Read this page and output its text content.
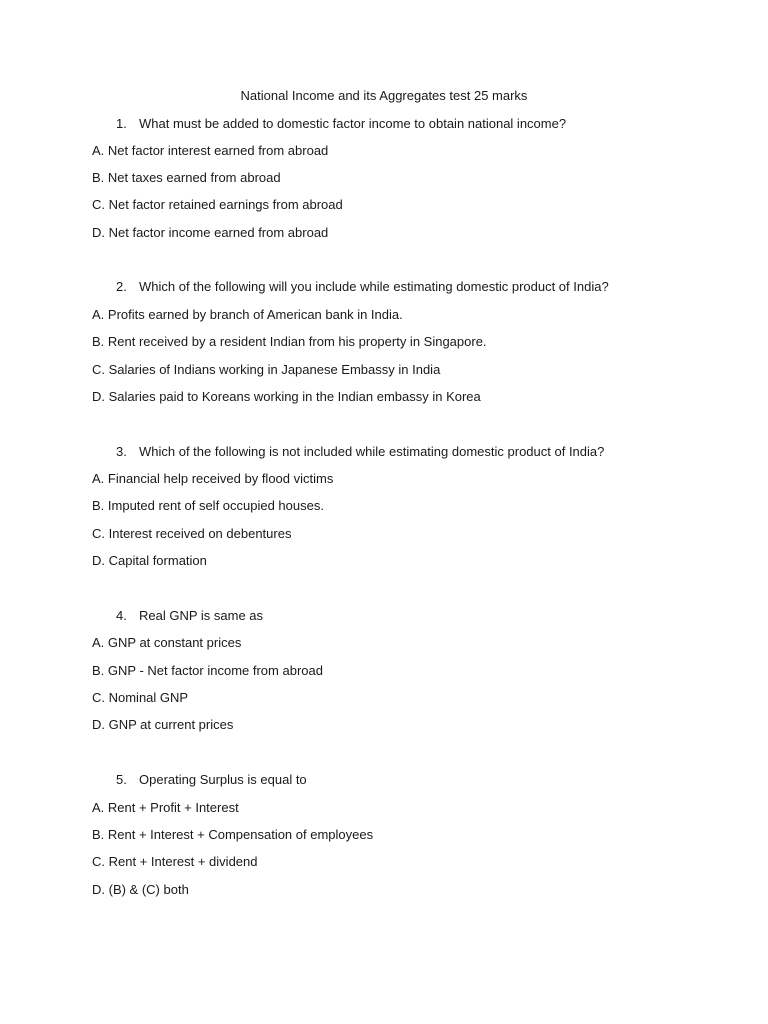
National Income and its Aggregates test 25 marks
1. What must be added to domestic factor income to obtain national income?
A. Net factor interest earned from abroad
B. Net taxes earned from abroad
C. Net factor retained earnings from abroad
D. Net factor income earned from abroad
2. Which of the following will you include while estimating domestic product of India?
A. Profits earned by branch of American bank in India.
B. Rent received by a resident Indian from his property in Singapore.
C. Salaries of Indians working in Japanese Embassy in India
D. Salaries paid to Koreans working in the Indian embassy in Korea
3. Which of the following is not included while estimating domestic product of India?
A. Financial help received by flood victims
B. Imputed rent of self occupied houses.
C. Interest received on debentures
D. Capital formation
4. Real GNP is same as
A. GNP at constant prices
B. GNP - Net factor income from abroad
C. Nominal GNP
D. GNP at current prices
5. Operating Surplus is equal to
A. Rent + Profit + Interest
B. Rent + Interest + Compensation of employees
C. Rent + Interest + dividend
D. (B) & (C) both
